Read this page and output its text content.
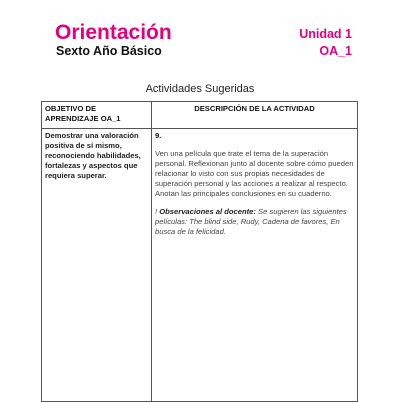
Orientación
Sexto Año Básico
Unidad 1
OA_1
Actividades Sugeridas
OBJETIVO DE APRENDIZAJE OA_1	DESCRIPCIÓN DE LA ACTIVIDAD
Demostrar una valoración positiva de sí mismo, reconociendo habilidades, fortalezas y aspectos que requiera superar.	9.

Ven una película que trate el tema de la superación personal. Reflexionan junto al docente sobre cómo pueden relacionar lo visto con sus propias necesidades de superación personal y las acciones a realizar al respecto. Anotan las principales conclusiones en su cuaderno.

! Observaciones al docente: Se sugieren las siguientes películas: The blind side, Rudy, Cadena de favores, En busca de la felicidad.
